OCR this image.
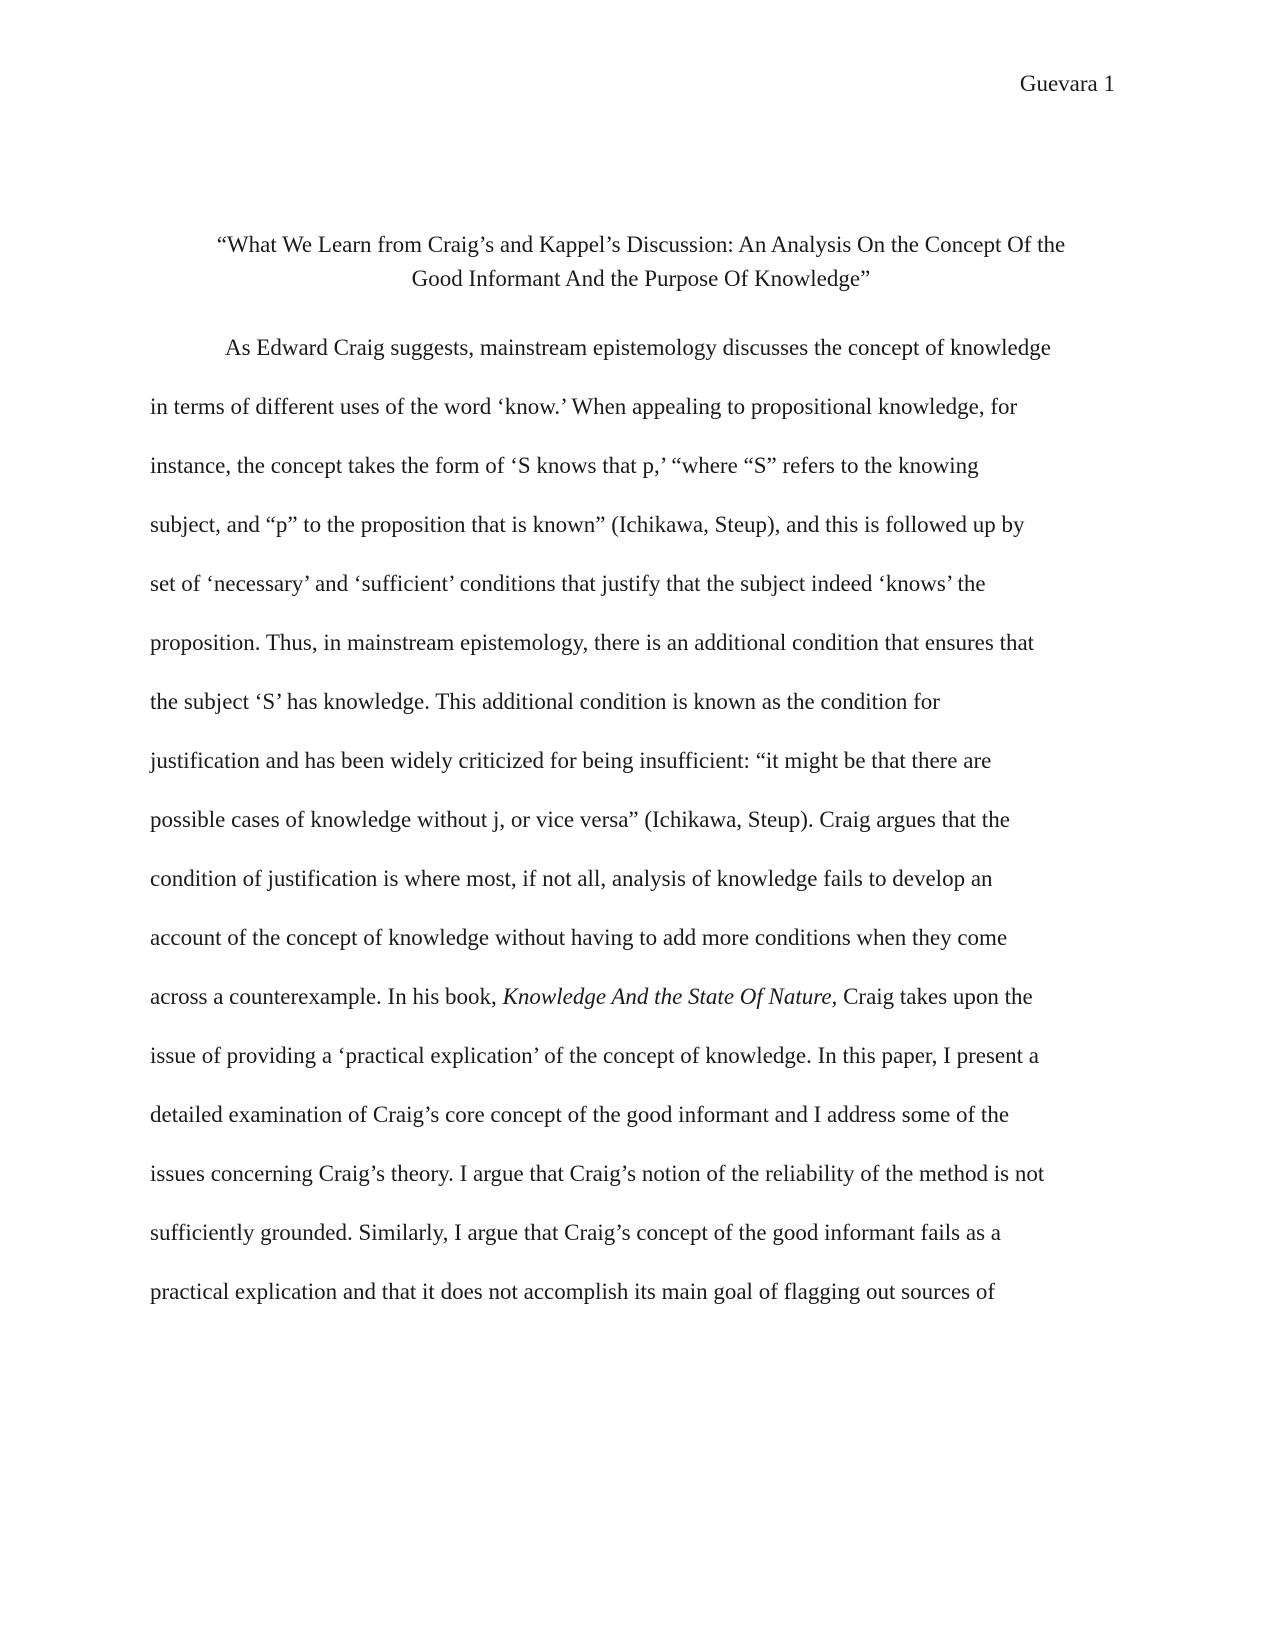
Guevara 1
“What We Learn from Craig’s and Kappel’s Discussion: An Analysis On the Concept Of the
Good Informant And the Purpose Of Knowledge”
As Edward Craig suggests, mainstream epistemology discusses the concept of knowledge
in terms of different uses of the word ‘know.’ When appealing to propositional knowledge, for
instance, the concept takes the form of ‘S knows that p,’ “where “S” refers to the knowing
subject, and “p” to the proposition that is known” (Ichikawa, Steup), and this is followed up by
set of ‘necessary’ and ‘sufficient’ conditions that justify that the subject indeed ‘knows’ the
proposition. Thus, in mainstream epistemology, there is an additional condition that ensures that
the subject ‘S’ has knowledge. This additional condition is known as the condition for
justification and has been widely criticized for being insufficient: “it might be that there are
possible cases of knowledge without j, or vice versa” (Ichikawa, Steup). Craig argues that the
condition of justification is where most, if not all, analysis of knowledge fails to develop an
account of the concept of knowledge without having to add more conditions when they come
across a counterexample. In his book, Knowledge And the State Of Nature, Craig takes upon the
issue of providing a ‘practical explication’ of the concept of knowledge. In this paper, I present a
detailed examination of Craig’s core concept of the good informant and I address some of the
issues concerning Craig’s theory. I argue that Craig’s notion of the reliability of the method is not
sufficiently grounded. Similarly, I argue that Craig’s concept of the good informant fails as a
practical explication and that it does not accomplish its main goal of flagging out sources of
